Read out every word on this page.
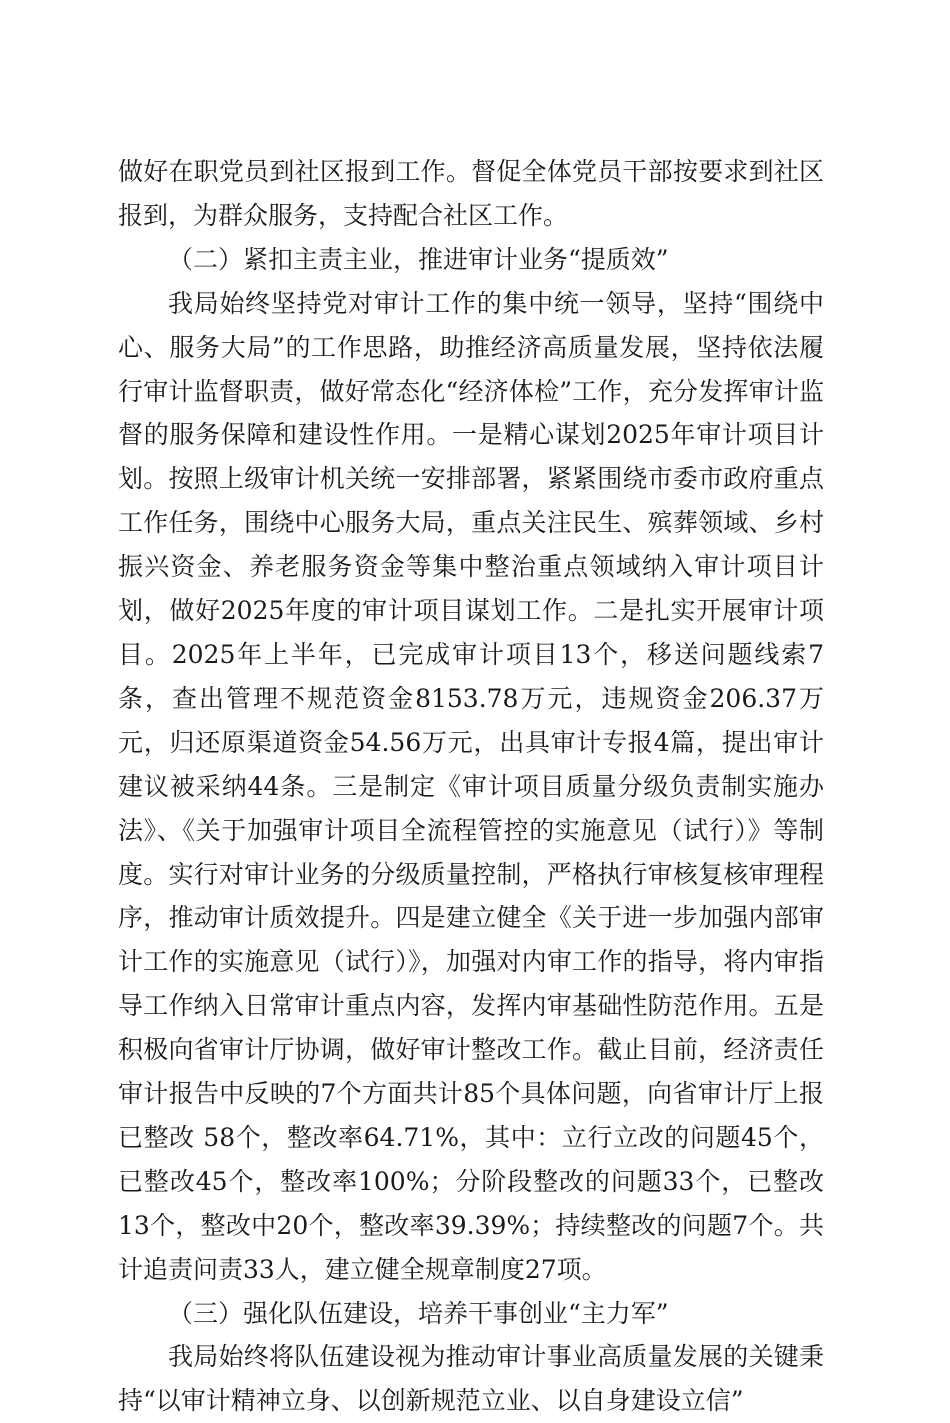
做好在职党员到社区报到工作。督促全体党员干部按要求到社区报到，为群众服务，支持配合社区工作。

（二）紧扣主责主业，推进审计业务“提质效”

我局始终坚持党对审计工作的集中统一领导，坚持“围绕中心、服务大局”的工作思路，助推经济高质量发展，坚持依法履行审计监督职责，做好常态化“经济体检”工作，充分发挥审计监督的服务保障和建设性作用。一是精心谋划2025年审计项目计划。按照上级审计机关统一安排部署，紧紧围绕市委市政府重点工作任务，围绕中心服务大局，重点关注民生、殡葬领域、乡村振兴资金、养老服务资金等集中整治重点领域纳入审计项目计划，做好2025年度的审计项目谋划工作。二是扎实开展审计项目。2025年上半年，已完成审计项目13个，移送问题线索7条，查出管理不规范资金8153.78万元，违规资金206.37万元，归还原渠道资金54.56万元，出具审计专报4篇，提出审计建议被采纳44条。三是制定《审计项目质量分级负责制实施办法》、《关于加强审计项目全流程管控的实施意见（试行）》等制度。实行对审计业务的分级质量控制，严格执行审核复核审理程序，推动审计质效提升。四是建立健全《关于进一步加强内部审计工作的实施意见（试行）》，加强对内审工作的指导，将内审指导工作纳入日常审计重点内容，发挥内审基础性防范作用。五是积极向省审计厅协调，做好审计整改工作。截止目前，经济责任审计报告中反映的7个方面共计85个具体问题，向省审计厅上报已整改 58个，整改率64.71%，其中：立行立改的问题45个，已整改45个，整改率100%；分阶段整改的问题33个，已整改13个，整改中20个，整改率39.39%；持续整改的问题7个。共计追责问责33人，建立健全规章制度27项。

（三）强化队伍建设，培养干事创业“主力军”

我局始终将队伍建设视为推动审计事业高质量发展的关键秉持“以审计精神立身、以创新规范立业、以自身建设立信”
